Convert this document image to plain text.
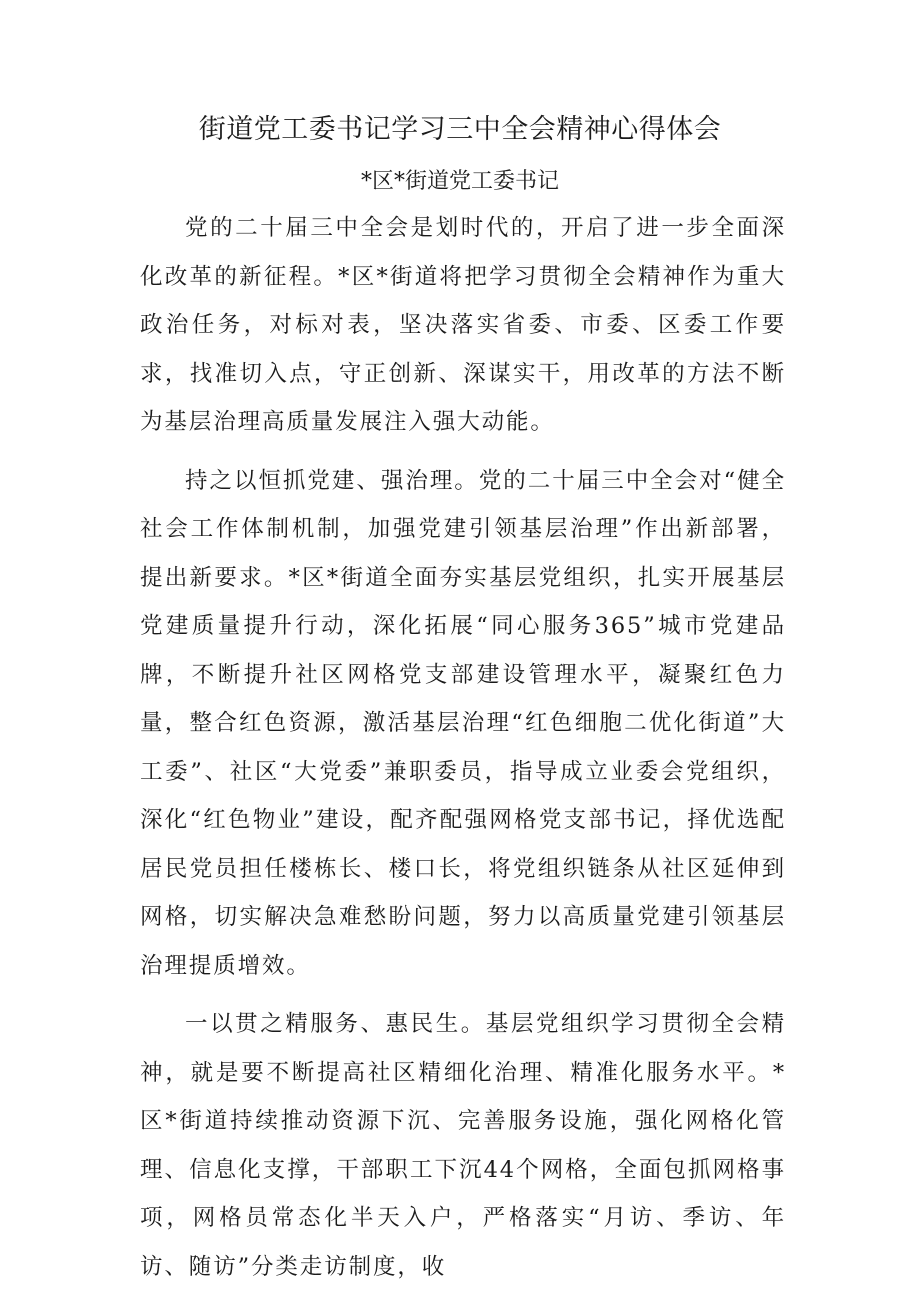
街道党工委书记学习三中全会精神心得体会

*区*街道党工委书记

党的二十届三中全会是划时代的，开启了进一步全面深化改革的新征程。*区*街道将把学习贯彻全会精神作为重大政治任务，对标对表，坚决落实省委、市委、区委工作要求，找准切入点，守正创新、深谋实干，用改革的方法不断为基层治理高质量发展注入强大动能。

持之以恒抓党建、强治理。党的二十届三中全会对“健全社会工作体制机制，加强党建引领基层治理”作出新部署，提出新要求。*区*街道全面夯实基层党组织，扎实开展基层党建质量提升行动，深化拓展“同心服务365”城市党建品牌，不断提升社区网格党支部建设管理水平，凝聚红色力量，整合红色资源，激活基层治理“红色细胞二优化街道”大工委”、社区“大党委”兼职委员，指导成立业委会党组织，深化“红色物业”建设，配齐配强网格党支部书记，择优选配居民党员担任楼栋长、楼口长，将党组织链条从社区延伸到网格，切实解决急难愁盼问题，努力以高质量党建引领基层治理提质增效。

一以贯之精服务、惠民生。基层党组织学习贯彻全会精神，就是要不断提高社区精细化治理、精准化服务水平。*区*街道持续推动资源下沉、完善服务设施，强化网格化管理、信息化支撑，干部职工下沉44个网格，全面包抓网格事项，网格员常态化半天入户，严格落实“月访、季访、年访、随访”分类走访制度，收
